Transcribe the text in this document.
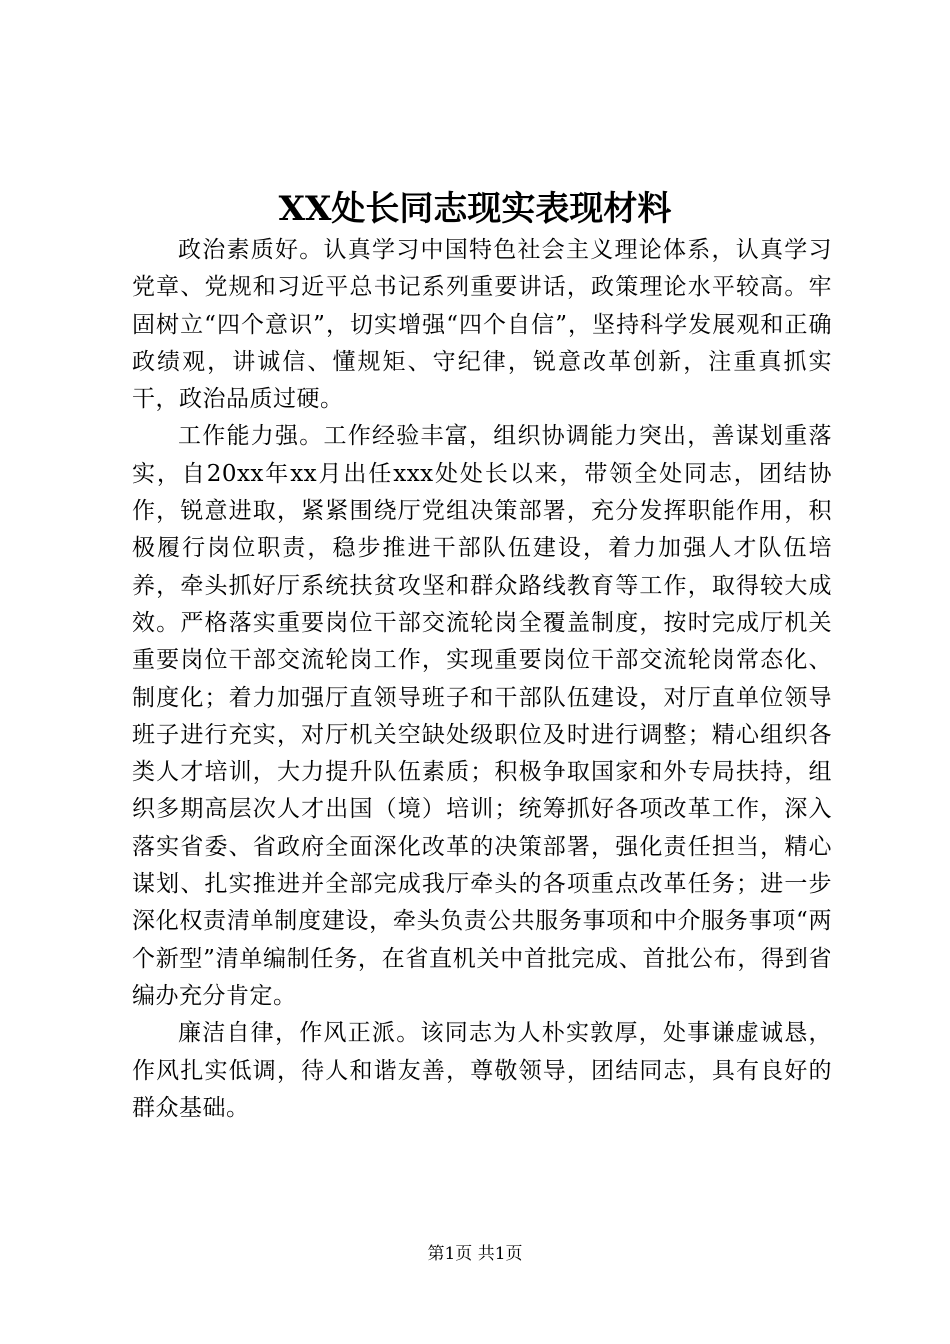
XX处长同志现实表现材料

政治素质好。认真学习中国特色社会主义理论体系，认真学习党章、党规和习近平总书记系列重要讲话，政策理论水平较高。牢固树立“四个意识”，切实增强“四个自信”，坚持科学发展观和正确政绩观，讲诚信、懂规矩、守纪律，锐意改革创新，注重真抓实干，政治品质过硬。

工作能力强。工作经验丰富，组织协调能力突出，善谋划重落实，自20xx年xx月出任xxx处处长以来，带领全处同志，团结协作，锐意进取，紧紧围绕厅党组决策部署，充分发挥职能作用，积极履行岗位职责，稳步推进干部队伍建设，着力加强人才队伍培养，牵头抓好厅系统扶贫攻坚和群众路线教育等工作，取得较大成效。严格落实重要岗位干部交流轮岗全覆盖制度，按时完成厅机关重要岗位干部交流轮岗工作，实现重要岗位干部交流轮岗常态化、制度化；着力加强厅直领导班子和干部队伍建设，对厅直单位领导班子进行充实，对厅机关空缺处级职位及时进行调整；精心组织各类人才培训，大力提升队伍素质；积极争取国家和外专局扶持，组织多期高层次人才出国（境）培训；统筹抓好各项改革工作，深入落实省委、省政府全面深化改革的决策部署，强化责任担当，精心谋划、扎实推进并全部完成我厅牵头的各项重点改革任务；进一步深化权责清单制度建设，牵头负责公共服务事项和中介服务事项“两个新型”清单编制任务，在省直机关中首批完成、首批公布，得到省编办充分肯定。

廉洁自律，作风正派。该同志为人朴实敦厚，处事谦虚诚恳，作风扎实低调，待人和谐友善，尊敬领导，团结同志，具有良好的群众基础。

第1页 共1页
